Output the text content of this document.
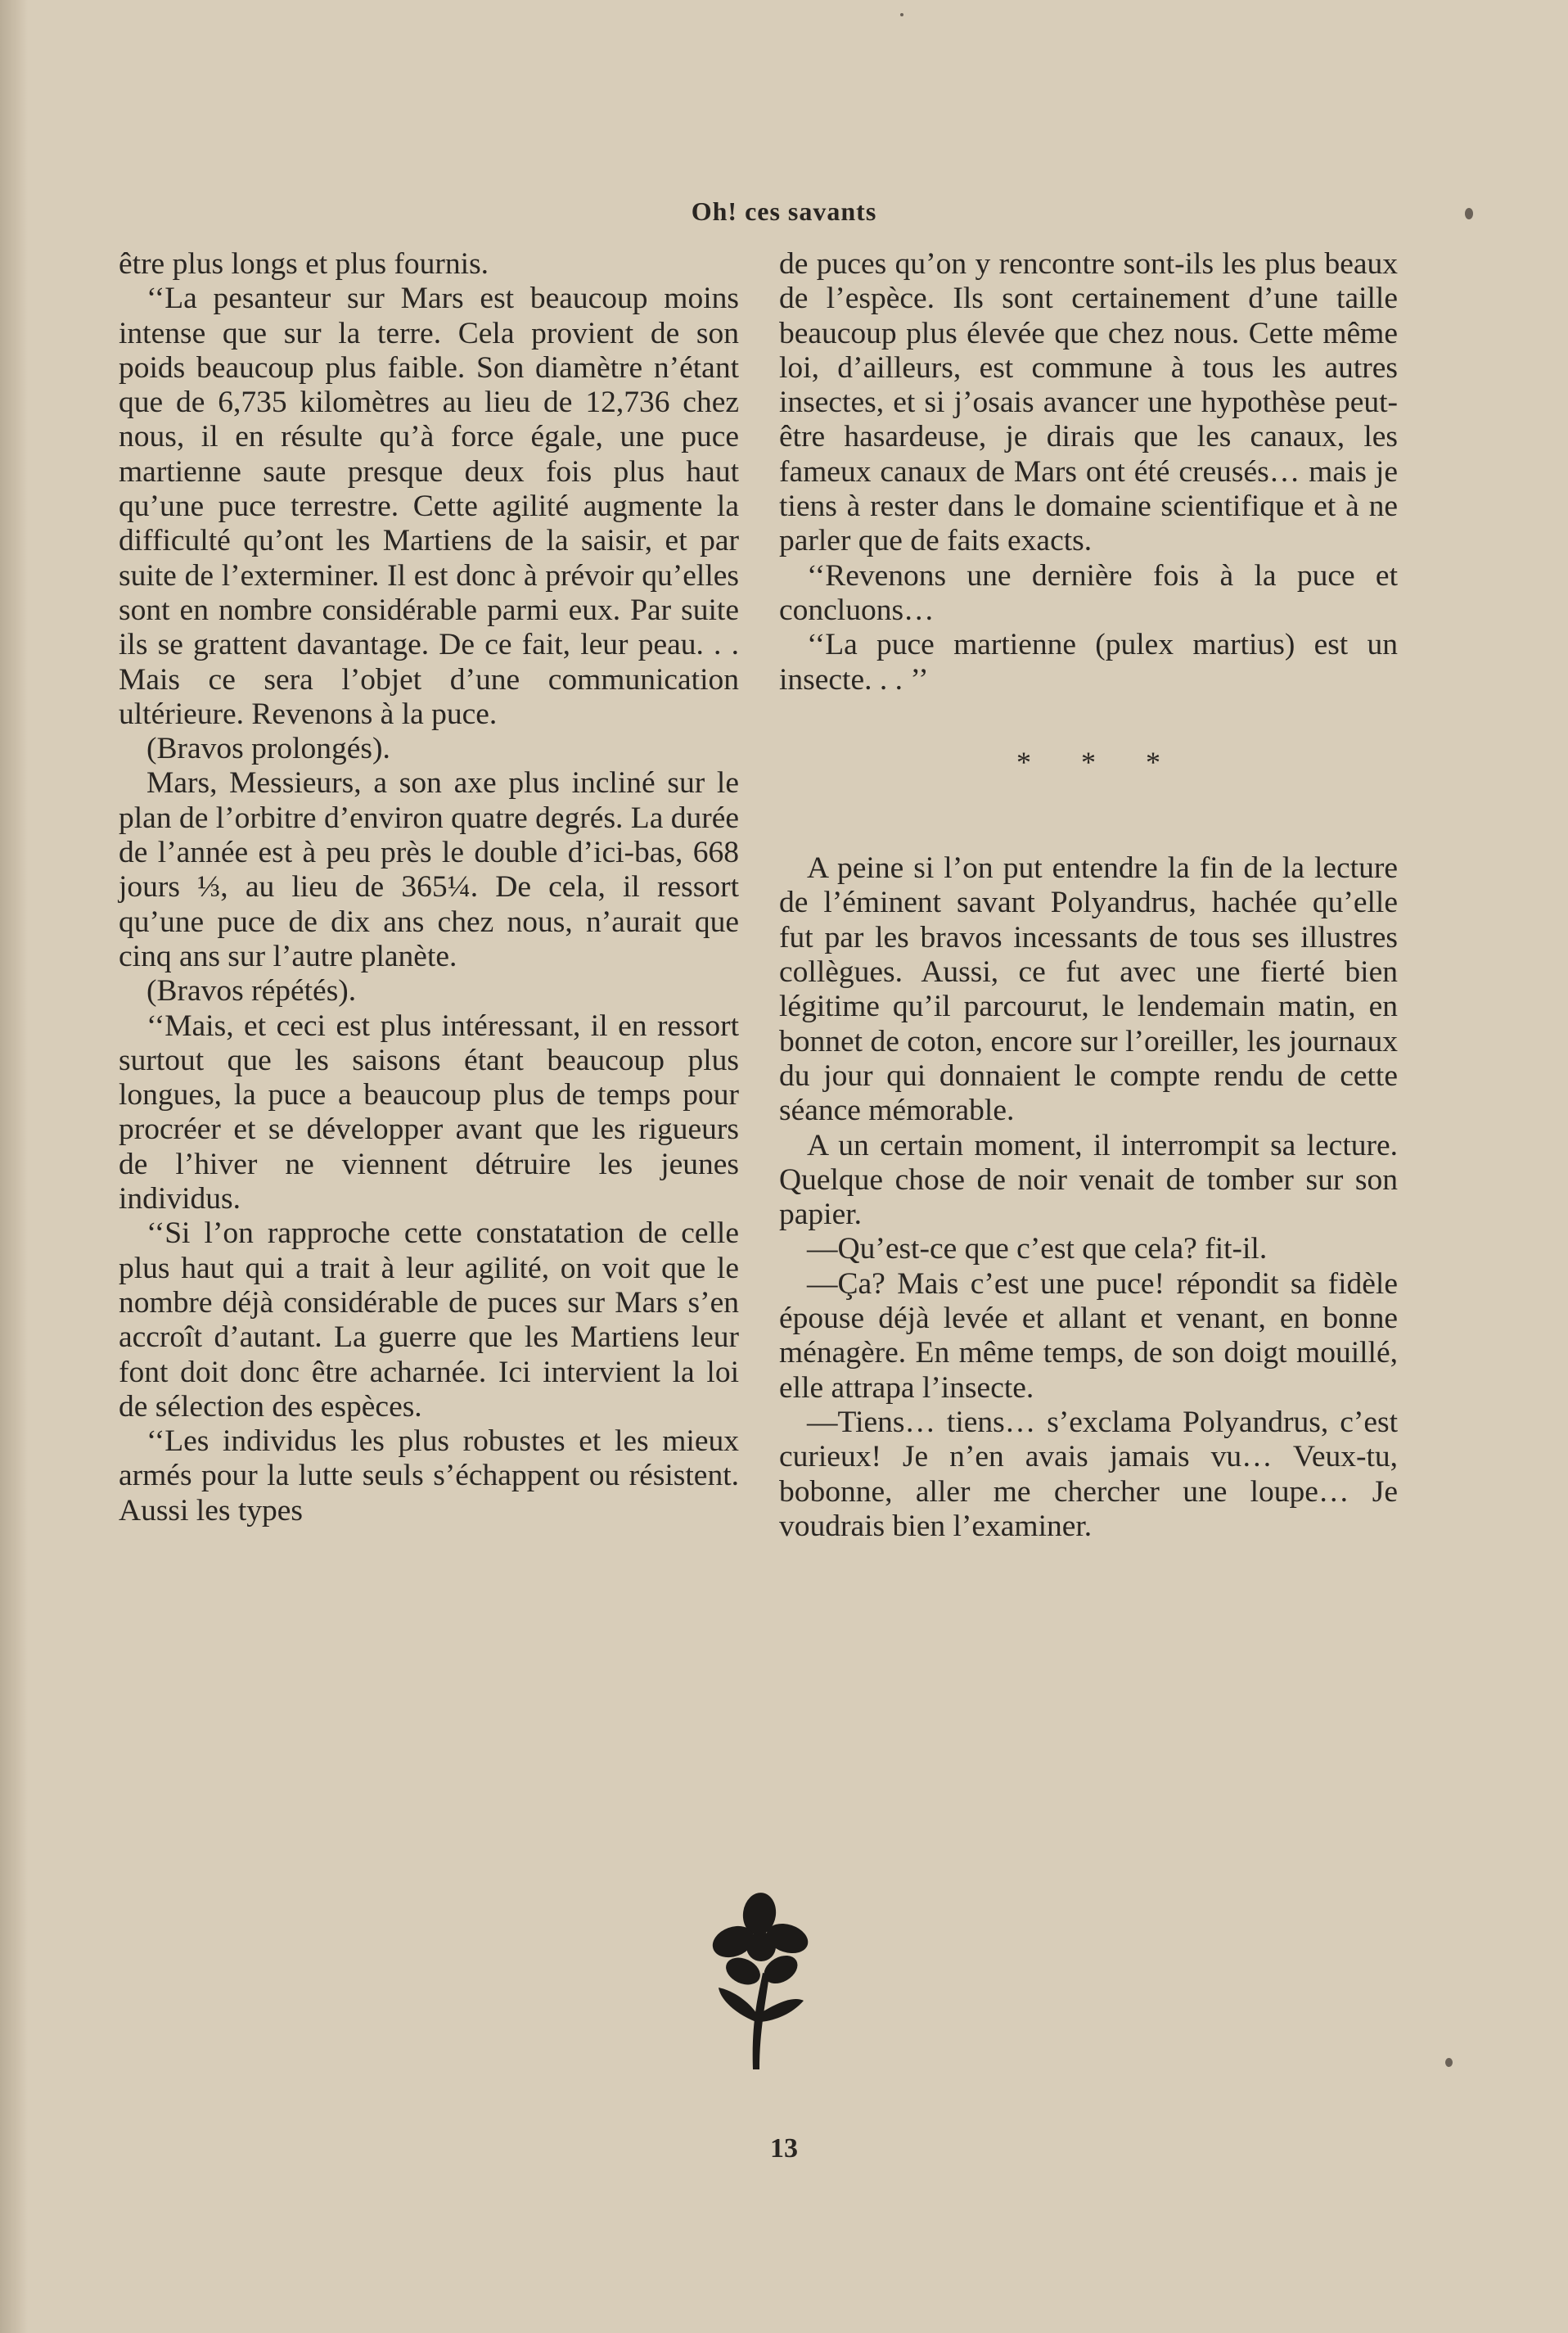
Oh! ces savants

être plus longs et plus fournis.

‘‘La pesanteur sur Mars est beaucoup moins intense que sur la terre. Cela provient de son poids beaucoup plus faible. Son diamètre n’étant que de 6,735 kilomètres au lieu de 12,736 chez nous, il en résulte qu’à force égale, une puce martienne saute presque deux fois plus haut qu’une puce terrestre. Cette agilité augmente la difficulté qu’ont les Martiens de la saisir, et par suite de l’exterminer. Il est donc à prévoir qu’elles sont en nombre considérable parmi eux. Par suite ils se grattent davantage. De ce fait, leur peau. . . Mais ce sera l’objet d’une communication ultérieure. Revenons à la puce.

(Bravos prolongés).

Mars, Messieurs, a son axe plus incliné sur le plan de l’orbitre d’environ quatre degrés. La durée de l’année est à peu près le double d’ici-bas, 668 jours ⅓, au lieu de 365¼. De cela, il ressort qu’une puce de dix ans chez nous, n’aurait que cinq ans sur l’autre planète.

(Bravos répétés).

‘‘Mais, et ceci est plus intéressant, il en ressort surtout que les saisons étant beaucoup plus longues, la puce a beaucoup plus de temps pour procréer et se développer avant que les rigueurs de l’hiver ne viennent détruire les jeunes individus.

‘‘Si l’on rapproche cette constatation de celle plus haut qui a trait à leur agilité, on voit que le nombre déjà considérable de puces sur Mars s’en accroît d’autant. La guerre que les Martiens leur font doit donc être acharnée. Ici intervient la loi de sélection des espèces.

‘‘Les individus les plus robustes et les mieux armés pour la lutte seuls s’échappent ou résistent. Aussi les types

de puces qu’on y rencontre sont-ils les plus beaux de l’espèce. Ils sont certainement d’une taille beaucoup plus élevée que chez nous. Cette même loi, d’ailleurs, est commune à tous les autres insectes, et si j’osais avancer une hypothèse peut-être hasardeuse, je dirais que les canaux, les fameux canaux de Mars ont été creusés… mais je tiens à rester dans le domaine scientifique et à ne parler que de faits exacts.

‘‘Revenons une dernière fois à la puce et concluons…

‘‘La puce martienne (pulex martius) est un insecte. . . ’’

* * *

A peine si l’on put entendre la fin de la lecture de l’éminent savant Polyandrus, hachée qu’elle fut par les bravos incessants de tous ses illustres collègues. Aussi, ce fut avec une fierté bien légitime qu’il parcourut, le lendemain matin, en bonnet de coton, encore sur l’oreiller, les journaux du jour qui donnaient le compte rendu de cette séance mémorable.

A un certain moment, il interrompit sa lecture. Quelque chose de noir venait de tomber sur son papier.

—Qu’est-ce que c’est que cela? fit-il.

—Ça? Mais c’est une puce! répondit sa fidèle épouse déjà levée et allant et venant, en bonne ménagère. En même temps, de son doigt mouillé, elle attrapa l’insecte.

—Tiens… tiens… s’exclama Polyandrus, c’est curieux! Je n’en avais jamais vu… Veux-tu, bobonne, aller me chercher une loupe… Je voudrais bien l’examiner.

13
